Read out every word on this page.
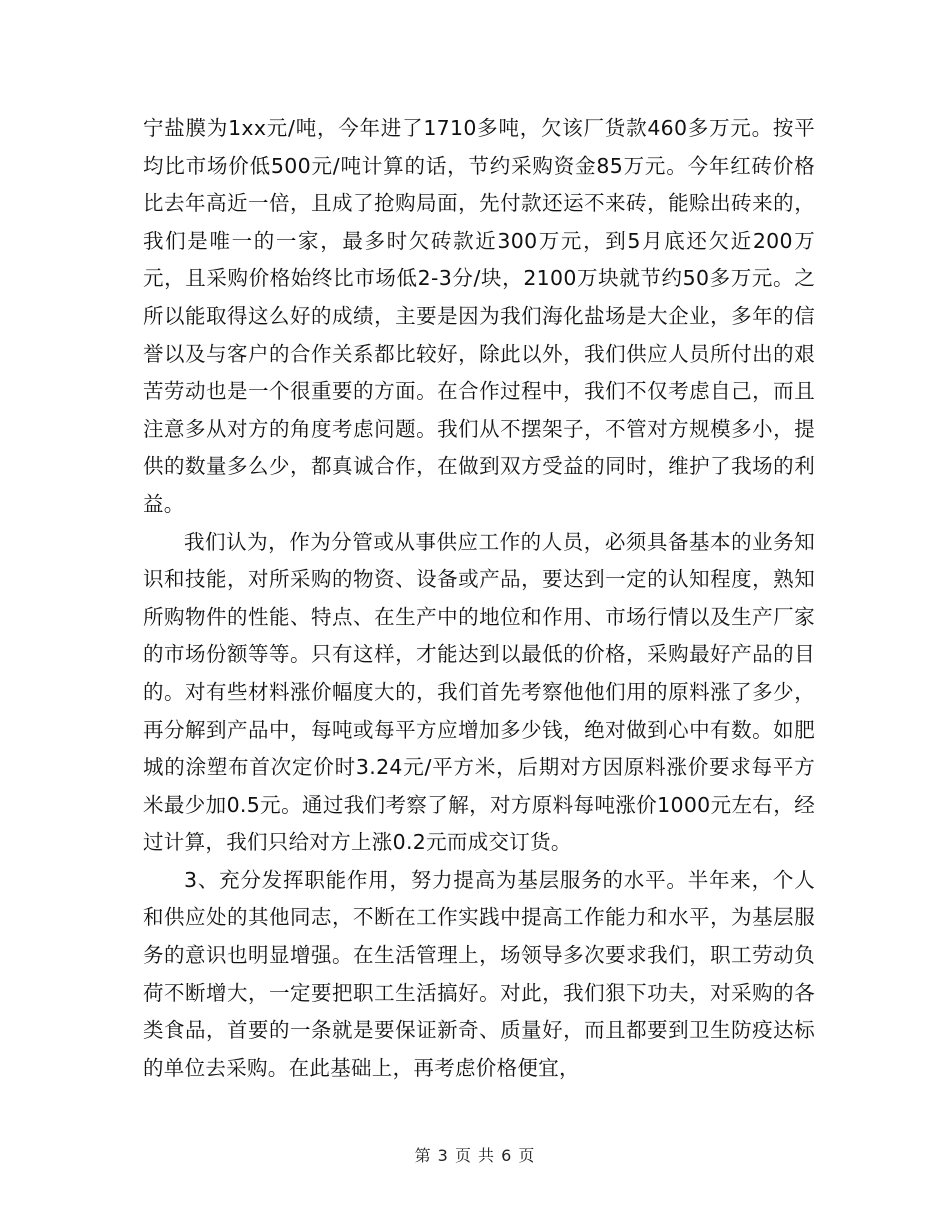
宁盐膜为1xx元/吨，今年进了1710多吨，欠该厂货款460多万元。按平均比市场价低500元/吨计算的话，节约采购资金85万元。今年红砖价格比去年高近一倍，且成了抢购局面，先付款还运不来砖，能赊出砖来的，我们是唯一的一家，最多时欠砖款近300万元，到5月底还欠近200万元，且采购价格始终比市场低2-3分/块，2100万块就节约50多万元。之所以能取得这么好的成绩，主要是因为我们海化盐场是大企业，多年的信誉以及与客户的合作关系都比较好，除此以外，我们供应人员所付出的艰苦劳动也是一个很重要的方面。在合作过程中，我们不仅考虑自己，而且注意多从对方的角度考虑问题。我们从不摆架子，不管对方规模多小，提供的数量多么少，都真诚合作，在做到双方受益的同时，维护了我场的利益。

我们认为，作为分管或从事供应工作的人员，必须具备基本的业务知识和技能，对所采购的物资、设备或产品，要达到一定的认知程度，熟知所购物件的性能、特点、在生产中的地位和作用、市场行情以及生产厂家的市场份额等等。只有这样，才能达到以最低的价格，采购最好产品的目的。对有些材料涨价幅度大的，我们首先考察他他们用的原料涨了多少，再分解到产品中，每吨或每平方应增加多少钱，绝对做到心中有数。如肥城的涂塑布首次定价时3.24元/平方米，后期对方因原料涨价要求每平方米最少加0.5元。通过我们考察了解，对方原料每吨涨价1000元左右，经过计算，我们只给对方上涨0.2元而成交订货。

3、充分发挥职能作用，努力提高为基层服务的水平。半年来，个人和供应处的其他同志，不断在工作实践中提高工作能力和水平，为基层服务的意识也明显增强。在生活管理上，场领导多次要求我们，职工劳动负荷不断增大，一定要把职工生活搞好。对此，我们狠下功夫，对采购的各类食品，首要的一条就是要保证新奇、质量好，而且都要到卫生防疫达标的单位去采购。在此基础上，再考虑价格便宜，

第 3 页 共 6 页
